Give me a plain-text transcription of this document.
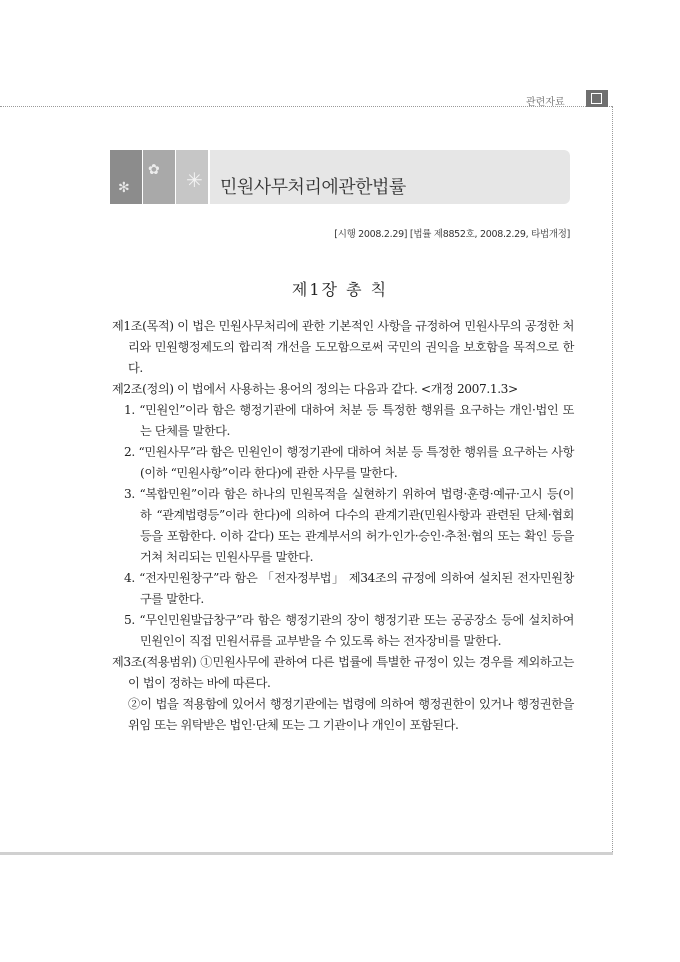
관련자료
✻
✿ ✳ 민원사무처리에관한법률
[시행 2008.2.29] [법률 제8852호, 2008.2.29, 타법개정]
제1장 총 칙

제1조(목적) 이 법은 민원사무처리에 관한 기본적인 사항을 규정하여 민원사무의 공정한 처리와 민원행정제도의 합리적 개선을 도모함으로써 국민의 권익을 보호함을 목적으로 한다.

제2조(정의) 이 법에서 사용하는 용어의 정의는 다음과 같다. <개정 2007.1.3>

1. “민원인”이라 함은 행정기관에 대하여 처분 등 특정한 행위를 요구하는 개인·법인 또는 단체를 말한다.

2. “민원사무”라 함은 민원인이 행정기관에 대하여 처분 등 특정한 행위를 요구하는 사항(이하 “민원사항”이라 한다)에 관한 사무를 말한다.

3. “복합민원”이라 함은 하나의 민원목적을 실현하기 위하여 법령·훈령·예규·고시 등(이하 “관계법령등”이라 한다)에 의하여 다수의 관계기관(민원사항과 관련된 단체·협회 등을 포함한다. 이하 같다) 또는 관계부서의 허가·인가·승인·추천·협의 또는 확인 등을 거쳐 처리되는 민원사무를 말한다.

4. “전자민원창구”라 함은 「전자정부법」 제34조의 규정에 의하여 설치된 전자민원창구를 말한다.

5. “무인민원발급창구”라 함은 행정기관의 장이 행정기관 또는 공공장소 등에 설치하여 민원인이 직접 민원서류를 교부받을 수 있도록 하는 전자장비를 말한다.

제3조(적용범위) ①민원사무에 관하여 다른 법률에 특별한 규정이 있는 경우를 제외하고는 이 법이 정하는 바에 따른다.

②이 법을 적용함에 있어서 행정기관에는 법령에 의하여 행정권한이 있거나 행정권한을 위임 또는 위탁받은 법인·단체 또는 그 기관이나 개인이 포함된다.
